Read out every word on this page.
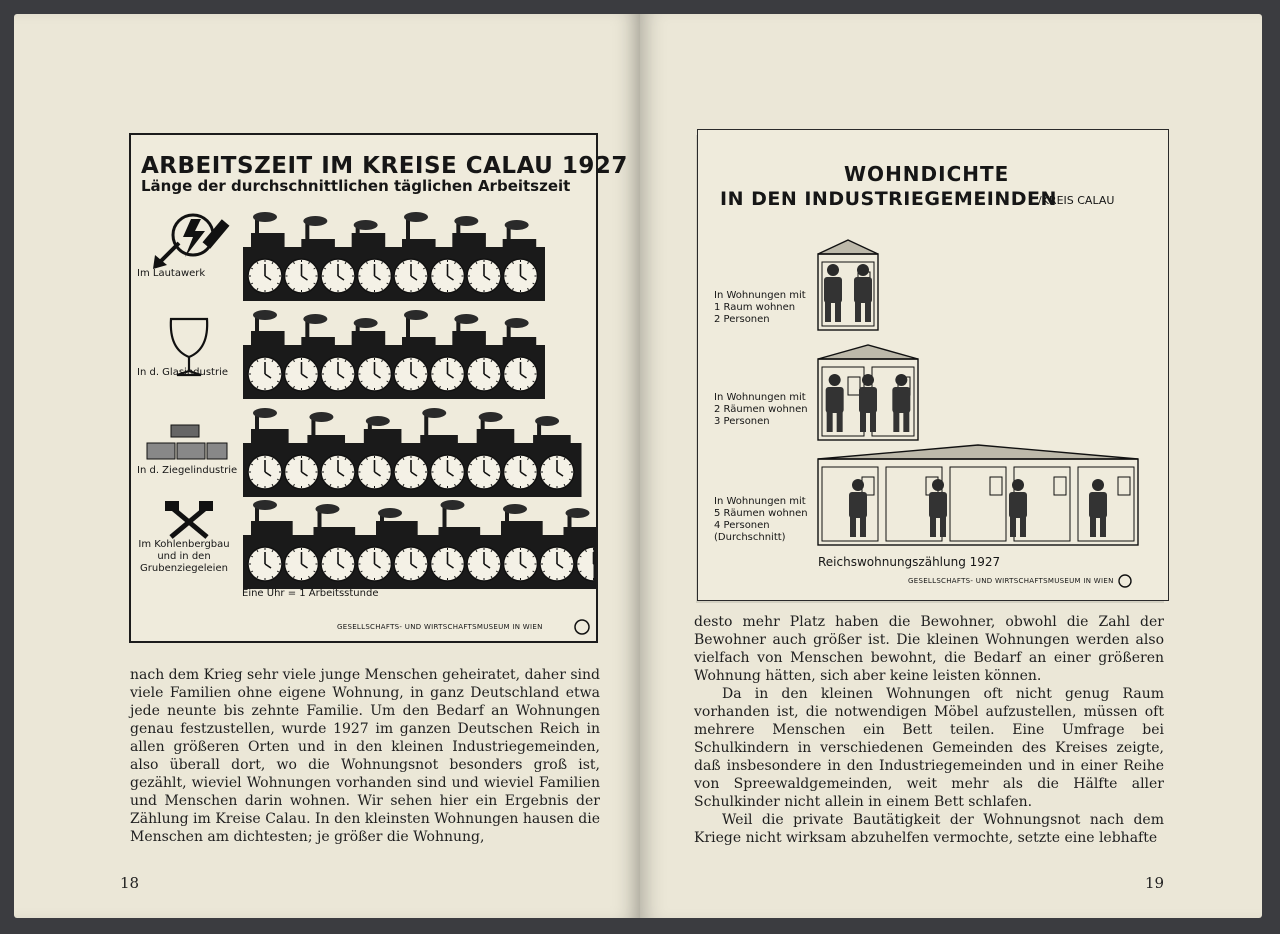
ARBEITSZEIT IM KREISE CALAU 1927
Länge der durchschnittlichen täglichen Arbeitszeit
Im Lautawerk
In d. Glasindustrie
In d. Ziegelindustrie
Im Kohlenbergbau und in den Grubenziegeleien
Eine Uhr = 1 Arbeitsstunde
GESELLSCHAFTS- UND WIRTSCHAFTSMUSEUM IN WIEN

nach dem Krieg sehr viele junge Menschen geheiratet, daher sind viele Familien ohne eigene Wohnung, in ganz Deutschland etwa jede neunte bis zehnte Familie. Um den Bedarf an Wohnungen genau festzustellen, wurde 1927 im ganzen Deutschen Reich in allen größeren Orten und in den kleinen Industriegemeinden, also überall dort, wo die Wohnungsnot besonders groß ist, gezählt, wieviel Wohnungen vorhanden sind und wieviel Familien und Menschen darin wohnen. Wir sehen hier ein Ergebnis der Zählung im Kreise Calau. In den kleinsten Wohnungen hausen die Menschen am dichtesten; je größer die Wohnung,

18
WOHNDICHTE
IN DEN INDUSTRIEGEMEINDEN
/KREIS CALAU
In Wohnungen mit
1 Raum wohnen
2 Personen
In Wohnungen mit
2 Räumen wohnen
3 Personen
In Wohnungen mit
5 Räumen wohnen
4 Personen
(Durchschnitt)
Reichswohnungszählung 1927
GESELLSCHAFTS- UND WIRTSCHAFTSMUSEUM IN WIEN

desto mehr Platz haben die Bewohner, obwohl die Zahl der Bewohner auch größer ist. Die kleinen Wohnungen werden also vielfach von Menschen bewohnt, die Bedarf an einer größeren Wohnung hätten, sich aber keine leisten können.

Da in den kleinen Wohnungen oft nicht genug Raum vorhanden ist, die notwendigen Möbel aufzustellen, müssen oft mehrere Menschen ein Bett teilen. Eine Umfrage bei Schulkindern in verschiedenen Gemeinden des Kreises zeigte, daß insbesondere in den Industriegemeinden und in einer Reihe von Spreewaldgemeinden, weit mehr als die Hälfte aller Schulkinder nicht allein in einem Bett schlafen.

Weil die private Bautätigkeit der Wohnungsnot nach dem Kriege nicht wirksam abzuhelfen vermochte, setzte eine lebhafte

19
